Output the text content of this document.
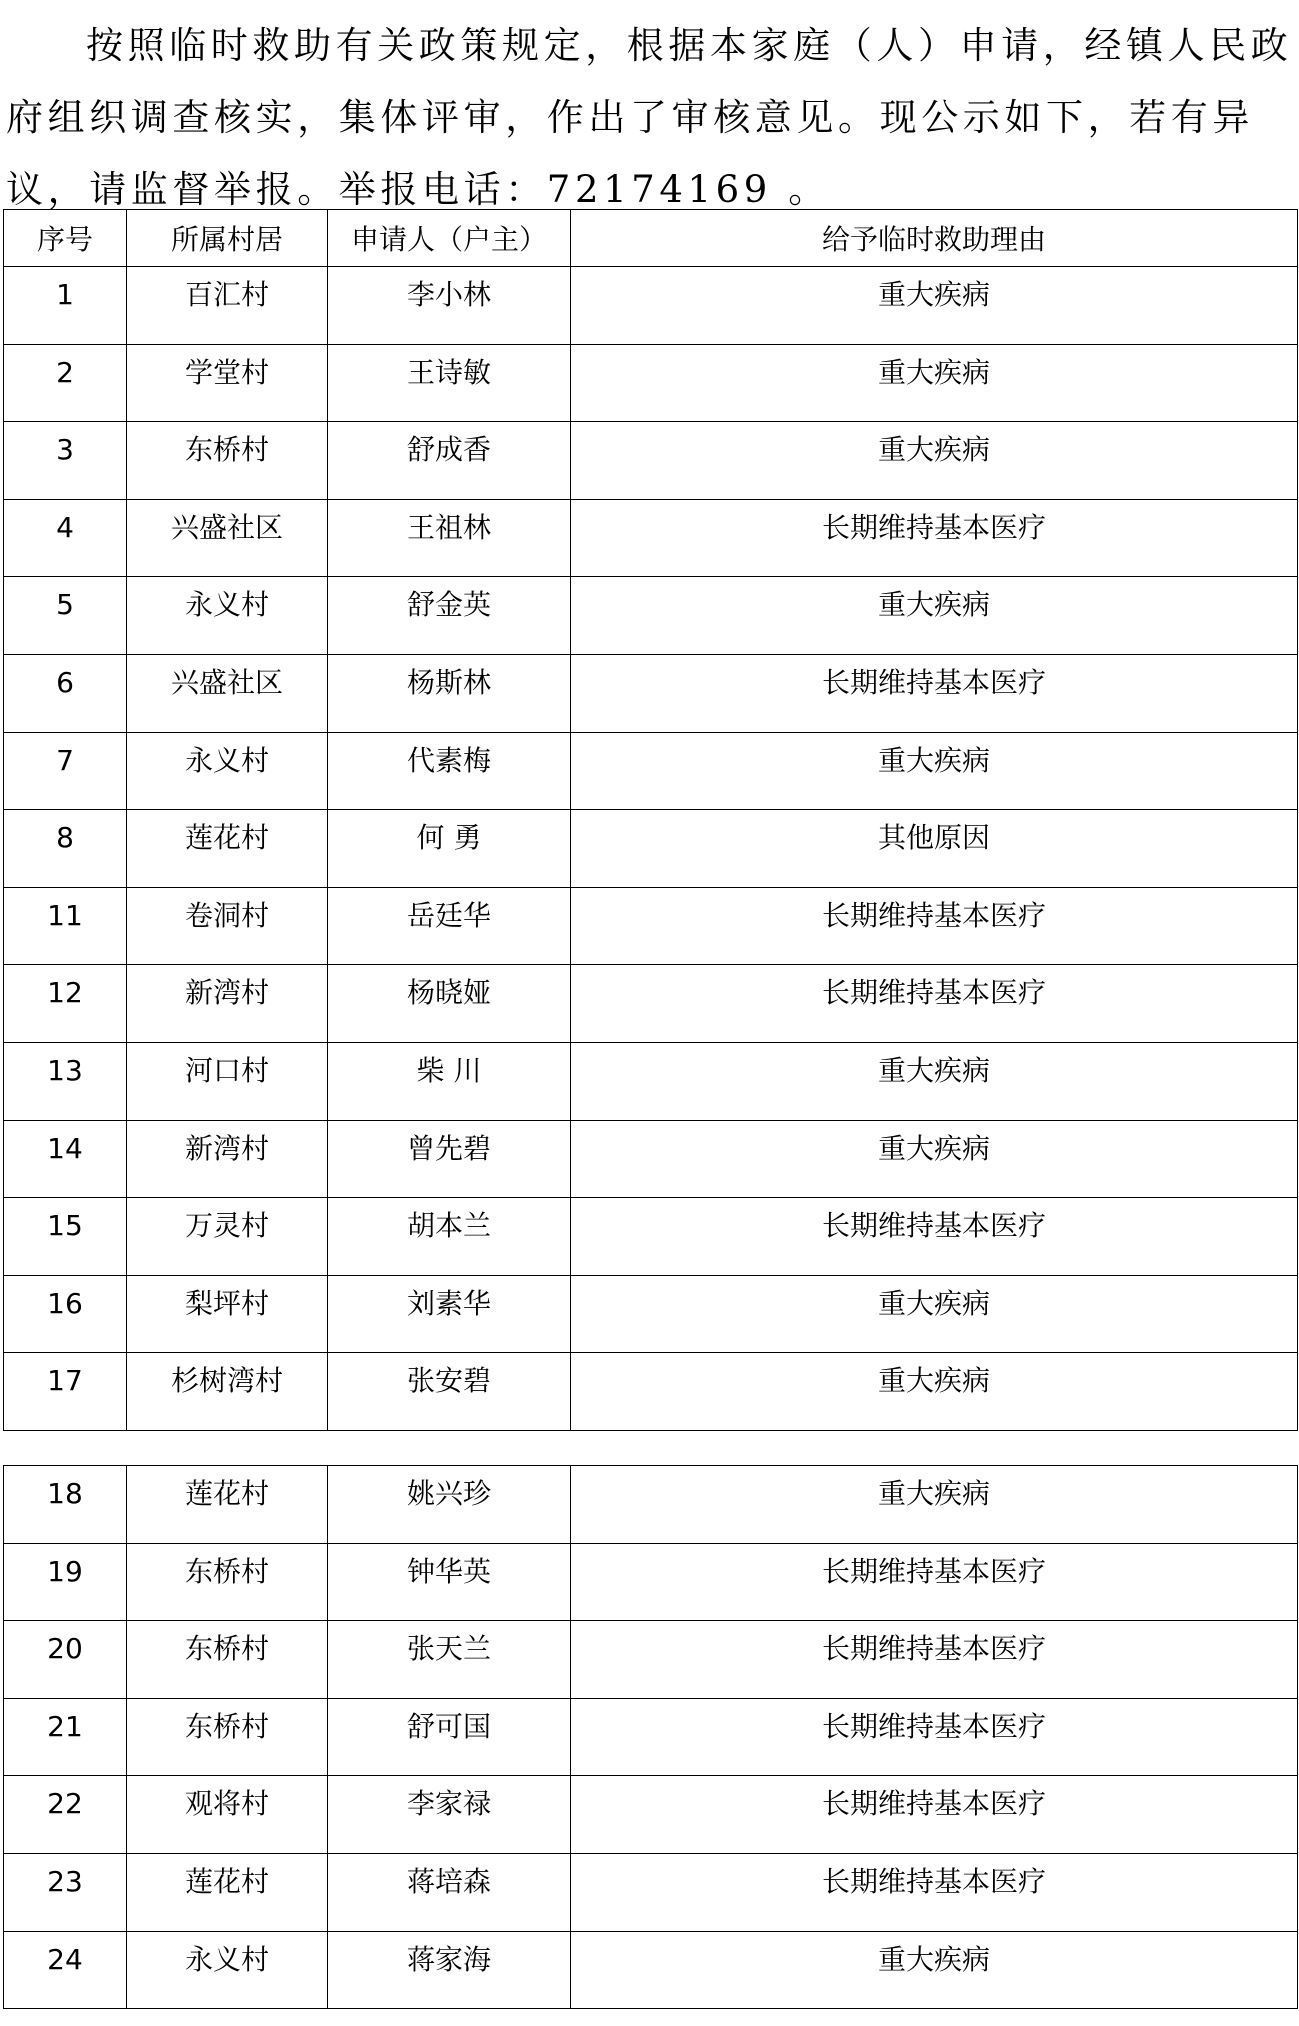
按照临时救助有关政策规定，根据本家庭（人）申请，经镇人民政府组织调查核实，集体评审，作出了审核意见。现公示如下，若有异议，请监督举报。举报电话：72174169 。

序号	所属村居	申请人（户主）	给予临时救助理由
1	百汇村	李小林	重大疾病
2	学堂村	王诗敏	重大疾病
3	东桥村	舒成香	重大疾病
4	兴盛社区	王祖林	长期维持基本医疗
5	永义村	舒金英	重大疾病
6	兴盛社区	杨斯林	长期维持基本医疗
7	永义村	代素梅	重大疾病
8	莲花村	何 勇	其他原因
11	卷洞村	岳廷华	长期维持基本医疗
12	新湾村	杨晓娅	长期维持基本医疗
13	河口村	柴 川	重大疾病
14	新湾村	曾先碧	重大疾病
15	万灵村	胡本兰	长期维持基本医疗
16	梨坪村	刘素华	重大疾病
17	杉树湾村	张安碧	重大疾病
18	莲花村	姚兴珍	重大疾病
19	东桥村	钟华英	长期维持基本医疗
20	东桥村	张天兰	长期维持基本医疗
21	东桥村	舒可国	长期维持基本医疗
22	观将村	李家禄	长期维持基本医疗
23	莲花村	蒋培森	长期维持基本医疗
24	永义村	蒋家海	重大疾病
